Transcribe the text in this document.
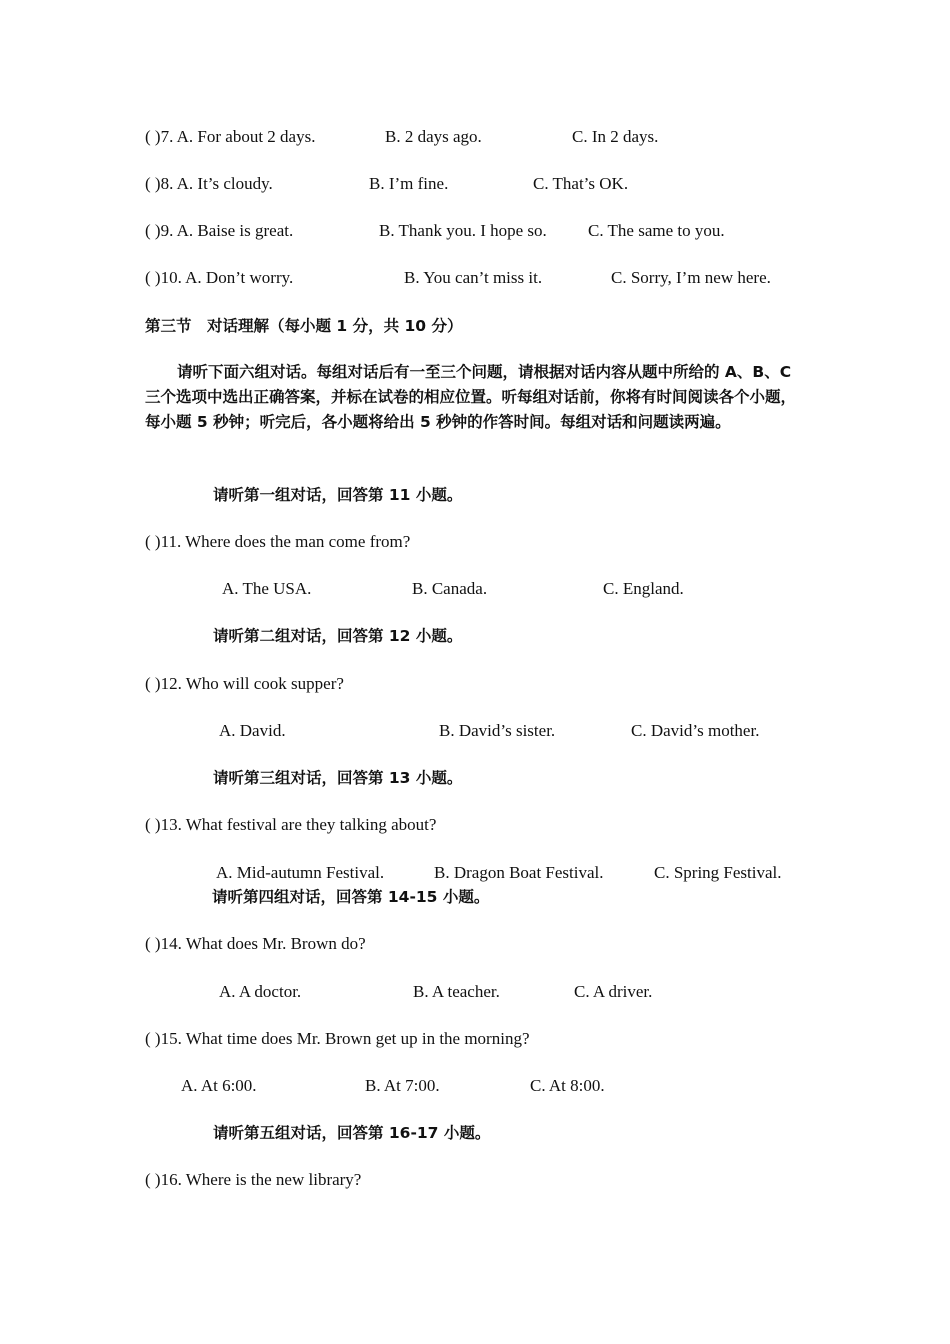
( )7. A. For about 2 days.	B. 2 days ago.	C. In 2 days.
( )8. A. It’s cloudy.	B. I’m fine.	C. That’s OK.
( )9. A. Baise is great.	B. Thank you. I hope so. C. The same to you.
( )10. A. Don’t worry.	B. You can’t miss it.	C. Sorry, I’m new here.
第三节　对话理解（每小题 1 分，共 10 分）
请听下面六组对话。每组对话后有一至三个问题，请根据对话内容从题中所给的 A、B、C 三个选项中选出正确答案，并标在试卷的相应位置。听每组对话前，你将有时间阅读各个小题，每小题 5 秒钟；听完后，各小题将给出 5 秒钟的作答时间。每组对话和问题读两遍。
请听第一组对话，回答第 11 小题。
( )11. Where does the man come from?
A. The USA.	B. Canada.	C. England.
请听第二组对话，回答第 12 小题。
( )12. Who will cook supper?
A. David.	B. David’s sister.	C. David’s mother.
请听第三组对话，回答第 13 小题。
( )13. What festival are they talking about?
A. Mid-autumn Festival.	B. Dragon Boat Festival.	C. Spring Festival.
请听第四组对话，回答第 14-15 小题。
( )14. What does Mr. Brown do?
A. A doctor.	B. A teacher.	C. A driver.
( )15. What time does Mr. Brown get up in the morning?
A. At 6:00.	B. At 7:00.	C. At 8:00.
请听第五组对话，回答第 16-17 小题。
( )16. Where is the new library?
